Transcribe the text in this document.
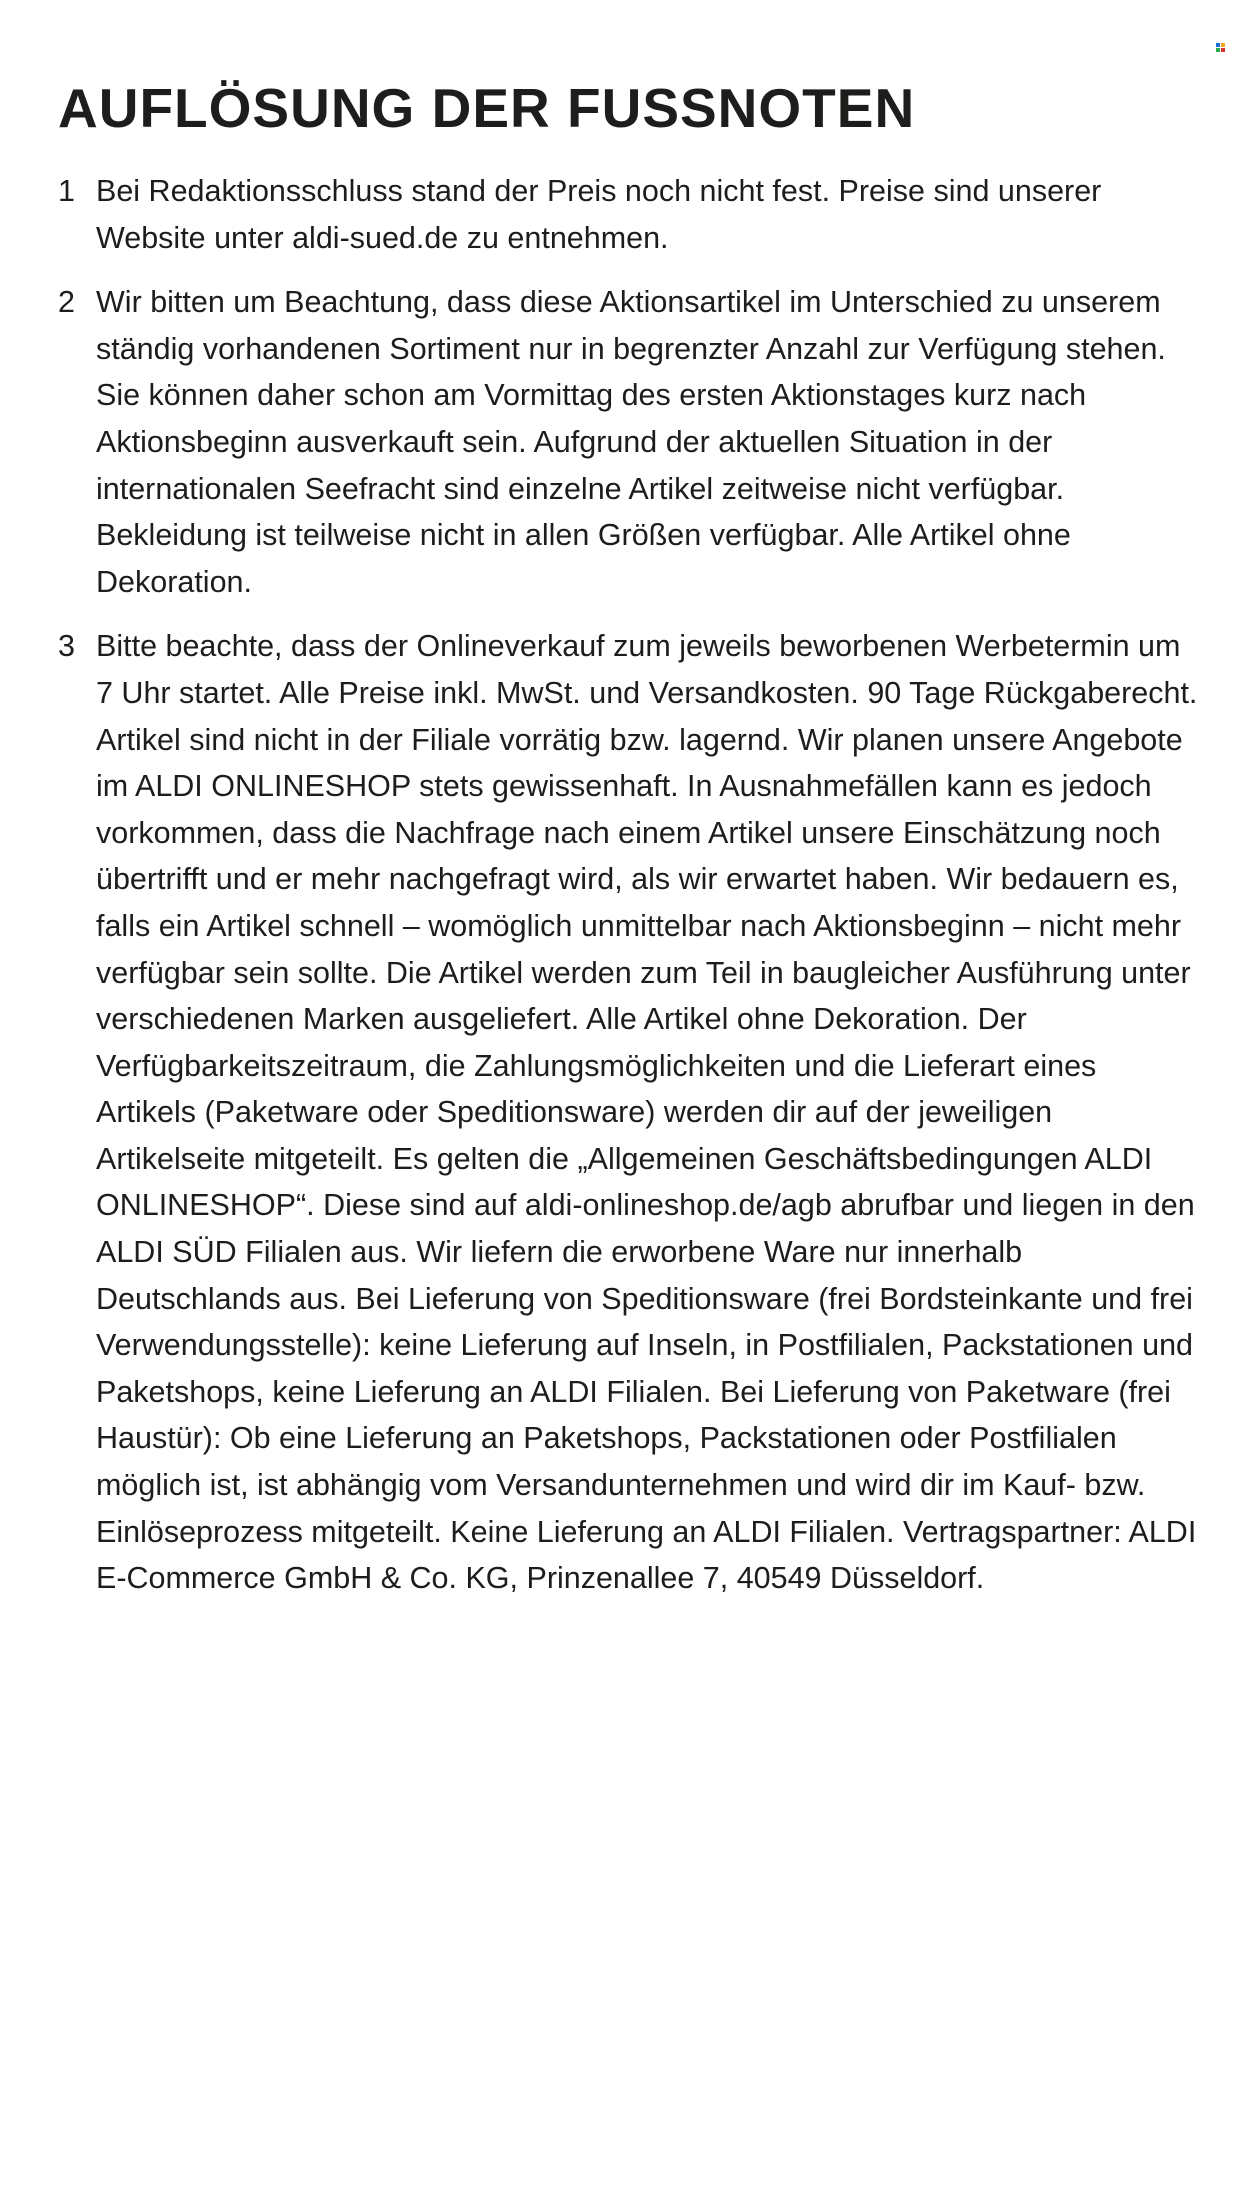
AUFLÖSUNG DER FUSSNOTEN
1 Bei Redaktionsschluss stand der Preis noch nicht fest. Preise sind unserer Website unter aldi-sued.de zu entnehmen.
2 Wir bitten um Beachtung, dass diese Aktionsartikel im Unterschied zu unserem ständig vorhandenen Sortiment nur in begrenzter Anzahl zur Verfügung stehen. Sie können daher schon am Vormittag des ersten Aktionstages kurz nach Aktionsbeginn ausverkauft sein. Aufgrund der aktuellen Situation in der internationalen Seefracht sind einzelne Artikel zeitweise nicht verfügbar. Bekleidung ist teilweise nicht in allen Größen verfügbar. Alle Artikel ohne Dekoration.
3 Bitte beachte, dass der Onlineverkauf zum jeweils beworbenen Werbetermin um 7 Uhr startet. Alle Preise inkl. MwSt. und Versandkosten. 90 Tage Rückgaberecht. Artikel sind nicht in der Filiale vorrätig bzw. lagernd. Wir planen unsere Angebote im ALDI ONLINESHOP stets gewissenhaft. In Ausnahmefällen kann es jedoch vorkommen, dass die Nachfrage nach einem Artikel unsere Einschätzung noch übertrifft und er mehr nachgefragt wird, als wir erwartet haben. Wir bedauern es, falls ein Artikel schnell – womöglich unmittelbar nach Aktionsbeginn – nicht mehr verfügbar sein sollte. Die Artikel werden zum Teil in baugleicher Ausführung unter verschiedenen Marken ausgeliefert. Alle Artikel ohne Dekoration. Der Verfügbarkeitszeitraum, die Zahlungsmöglichkeiten und die Lieferart eines Artikels (Paketware oder Speditionsware) werden dir auf der jeweiligen Artikelseite mitgeteilt. Es gelten die „Allgemeinen Geschäftsbedingungen ALDI ONLINESHOP“. Diese sind auf aldi-onlineshop.de/agb abrufbar und liegen in den ALDI SÜD Filialen aus. Wir liefern die erworbene Ware nur innerhalb Deutschlands aus. Bei Lieferung von Speditionsware (frei Bordsteinkante und frei Verwendungsstelle): keine Lieferung auf Inseln, in Postfilialen, Packstationen und Paketshops, keine Lieferung an ALDI Filialen. Bei Lieferung von Paketware (frei Haustür): Ob eine Lieferung an Paketshops, Packstationen oder Postfilialen möglich ist, ist abhängig vom Versandunternehmen und wird dir im Kauf- bzw. Einlöseprozess mitgeteilt. Keine Lieferung an ALDI Filialen. Vertragspartner: ALDI E-Commerce GmbH & Co. KG, Prinzenallee 7, 40549 Düsseldorf.
